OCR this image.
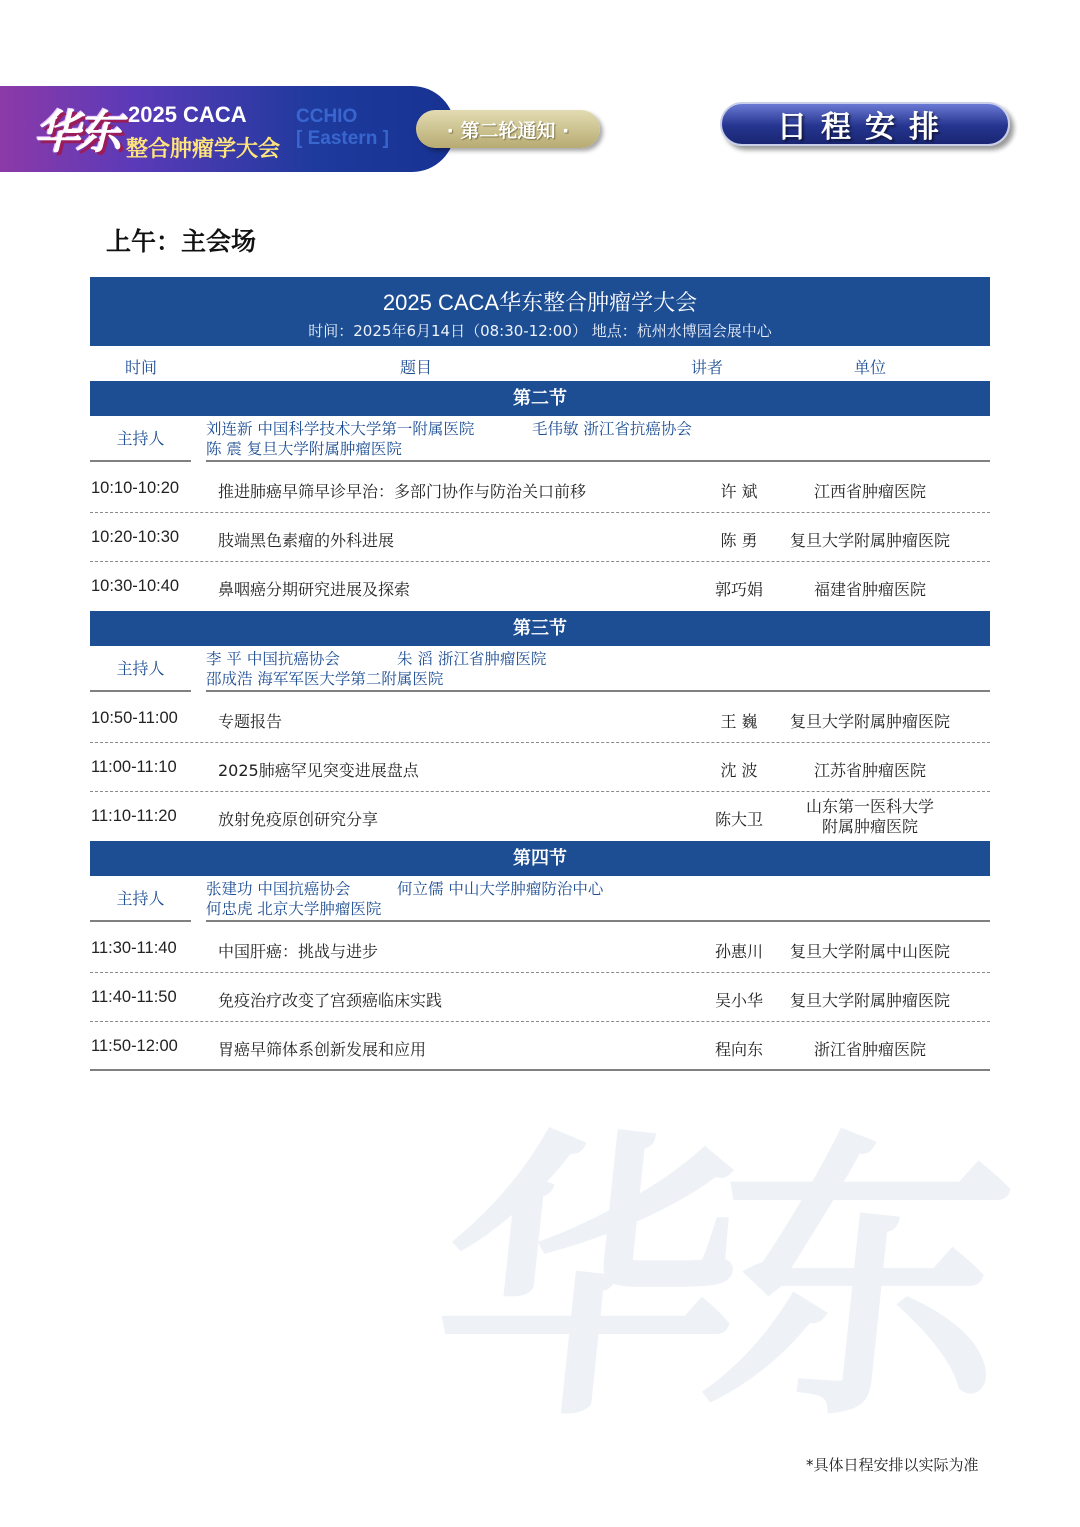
华东 2025 CACA
整合肿瘤学大会
CCHIO
[ Eastern ]	· 第二轮通知 ·	日程安排
上午：主会场
2025 CACA华东整合肿瘤学大会
时间：2025年6月14日（08:30-12:00） 地点：杭州水博园会展中心
时间	题目	讲者	单位
第二节
主持人	刘连新 中国科学技术大学第一附属医院	毛伟敏 浙江省抗癌协会
陈 震 复旦大学附属肿瘤医院
10:10-10:20 推进肺癌早筛早诊早治：多部门协作与防治关口前移	许 斌	江西省肿瘤医院
10:20-10:30 肢端黑色素瘤的外科进展	陈 勇	复旦大学附属肿瘤医院
10:30-10:40 鼻咽癌分期研究进展及探索	郭巧娟	福建省肿瘤医院
第三节
主持人	李 平 中国抗癌协会	朱 滔 浙江省肿瘤医院
邵成浩 海军军医大学第二附属医院
10:50-11:00	专题报告	王 巍	复旦大学附属肿瘤医院
11:00-11:10	2025肺癌罕见突变进展盘点	沈 波	江苏省肿瘤医院
11:10-11:20	放射免疫原创研究分享	陈大卫
山东第一医科大学
附属肿瘤医院
第四节
主持人	张建功 中国抗癌协会	何立儒 中山大学肿瘤防治中心
何忠虎 北京大学肿瘤医院
11:30-11:40	中国肝癌：挑战与进步	孙惠川	复旦大学附属中山医院
11:40-11:50	免疫治疗改变了宫颈癌临床实践	吴小华	复旦大学附属肿瘤医院
11:50-12:00	胃癌早筛体系创新发展和应用	程向东	浙江省肿瘤医院
华东
*具体日程安排以实际为准
